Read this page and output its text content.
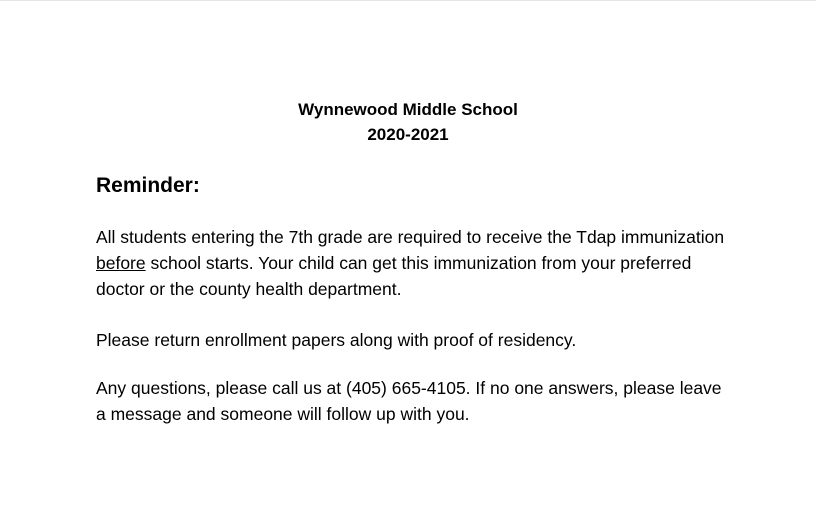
Wynnewood Middle School
2020-2021
Reminder:
All students entering the 7th grade are required to receive the Tdap immunization before school starts. Your child can get this immunization from your preferred doctor or the county health department.
Please return enrollment papers along with proof of residency.
Any questions, please call us at (405) 665-4105. If no one answers, please leave a message and someone will follow up with you.
